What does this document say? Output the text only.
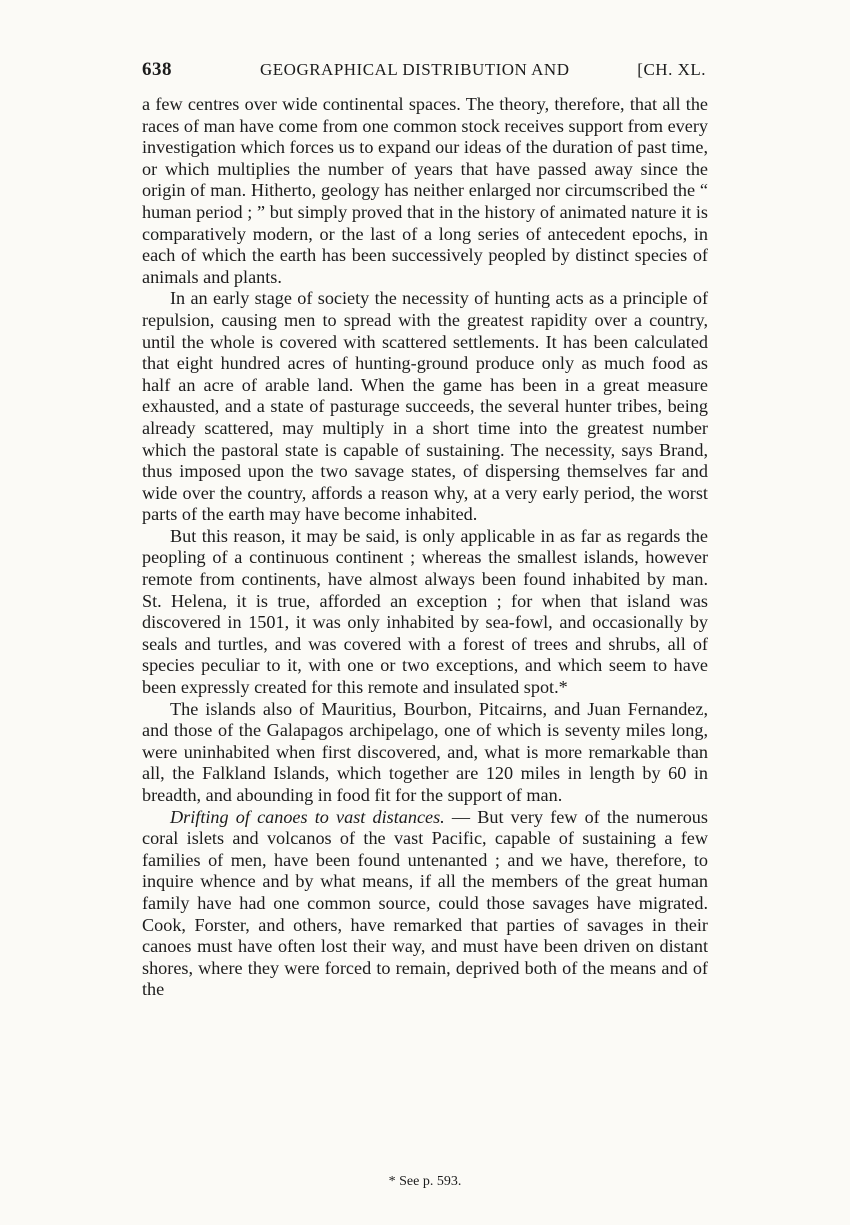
638	GEOGRAPHICAL DISTRIBUTION AND	[CH. XL.

a few centres over wide continental spaces. The theory, therefore, that all the races of man have come from one common stock receives support from every investigation which forces us to expand our ideas of the duration of past time, or which multiplies the number of years that have passed away since the origin of man. Hitherto, geology has neither enlarged nor circumscribed the “ human period ; ” but simply proved that in the history of animated nature it is comparatively modern, or the last of a long series of antecedent epochs, in each of which the earth has been successively peopled by distinct species of animals and plants.

In an early stage of society the necessity of hunting acts as a principle of repulsion, causing men to spread with the greatest rapidity over a country, until the whole is covered with scattered settlements. It has been calculated that eight hundred acres of hunting-ground produce only as much food as half an acre of arable land. When the game has been in a great measure exhausted, and a state of pasturage succeeds, the several hunter tribes, being already scattered, may multiply in a short time into the greatest number which the pastoral state is capable of sustaining. The necessity, says Brand, thus imposed upon the two savage states, of dispersing themselves far and wide over the country, affords a reason why, at a very early period, the worst parts of the earth may have become inhabited.

But this reason, it may be said, is only applicable in as far as regards the peopling of a continuous continent ; whereas the smallest islands, however remote from continents, have almost always been found inhabited by man. St. Helena, it is true, afforded an exception ; for when that island was discovered in 1501, it was only inhabited by sea-fowl, and occasionally by seals and turtles, and was covered with a forest of trees and shrubs, all of species peculiar to it, with one or two exceptions, and which seem to have been expressly created for this remote and insulated spot.*

The islands also of Mauritius, Bourbon, Pitcairns, and Juan Fernandez, and those of the Galapagos archipelago, one of which is seventy miles long, were uninhabited when first discovered, and, what is more remarkable than all, the Falkland Islands, which together are 120 miles in length by 60 in breadth, and abounding in food fit for the support of man.

Drifting of canoes to vast distances. — But very few of the numerous coral islets and volcanos of the vast Pacific, capable of sustaining a few families of men, have been found untenanted ; and we have, therefore, to inquire whence and by what means, if all the members of the great human family have had one common source, could those savages have migrated. Cook, Forster, and others, have remarked that parties of savages in their canoes must have often lost their way, and must have been driven on distant shores, where they were forced to remain, deprived both of the means and of the

* See p. 593.
